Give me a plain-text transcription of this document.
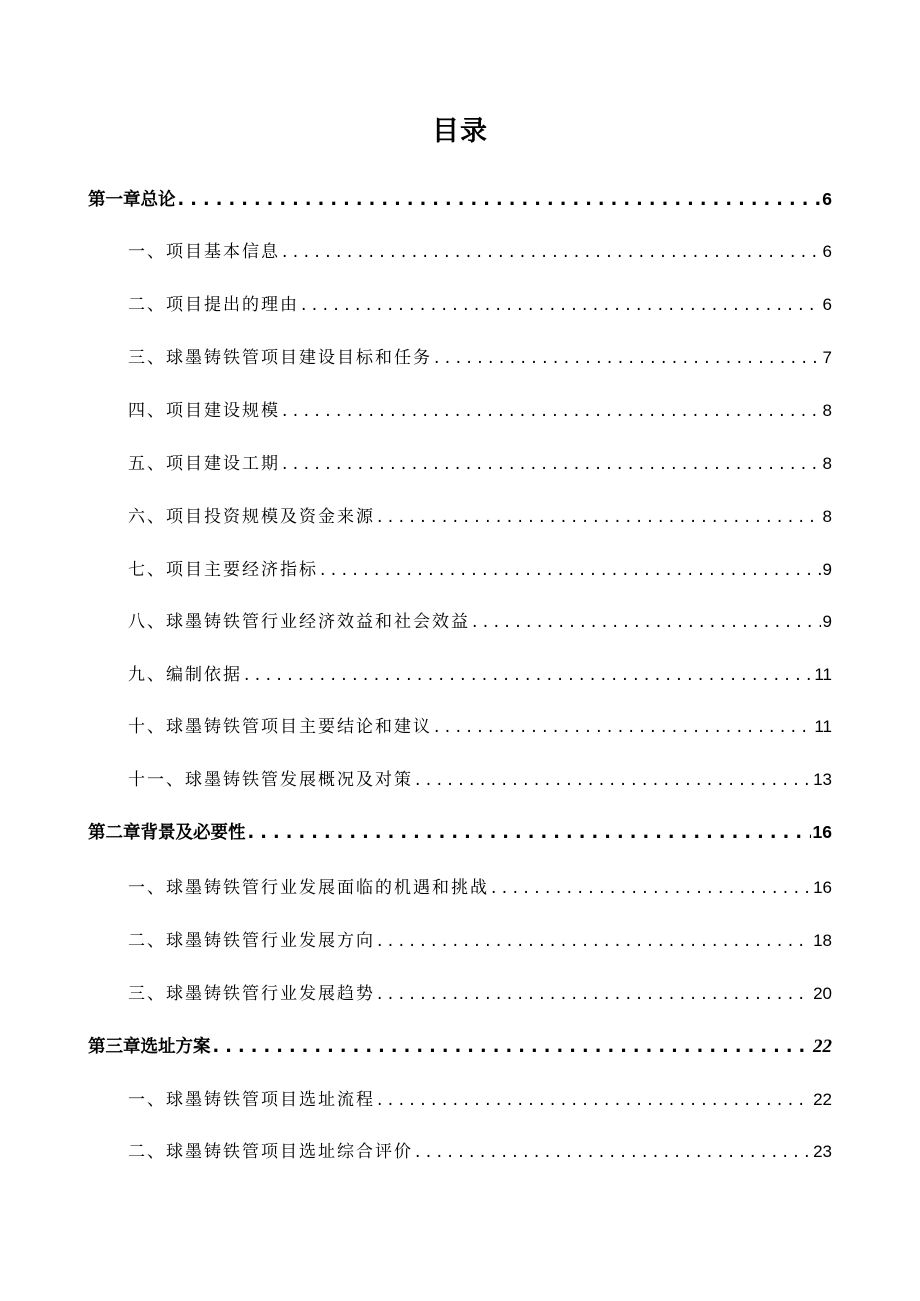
目录
第一章总论 . . .	6
一、项目基本信息 . . .	6
二、项目提出的理由 . . .	6
三、球墨铸铁管项目建设目标和任务 . . .	7
四、项目建设规模 . . .	8
五、项目建设工期 . . .	8
六、项目投资规模及资金来源 . . .	8
七、项目主要经济指标 . . .	9
八、球墨铸铁管行业经济效益和社会效益 . . .	9
九、编制依据 . . .	11
十、球墨铸铁管项目主要结论和建议 . . .	11
十一、球墨铸铁管发展概况及对策 . . .	13
第二章背景及必要性 . . .	16
一、球墨铸铁管行业发展面临的机遇和挑战 . . .	16
二、球墨铸铁管行业发展方向 . . .	18
三、球墨铸铁管行业发展趋势 . . .	20
第三章选址方案 . . .	22
一、球墨铸铁管项目选址流程 . . .	22
二、球墨铸铁管项目选址综合评价 . . .	23
